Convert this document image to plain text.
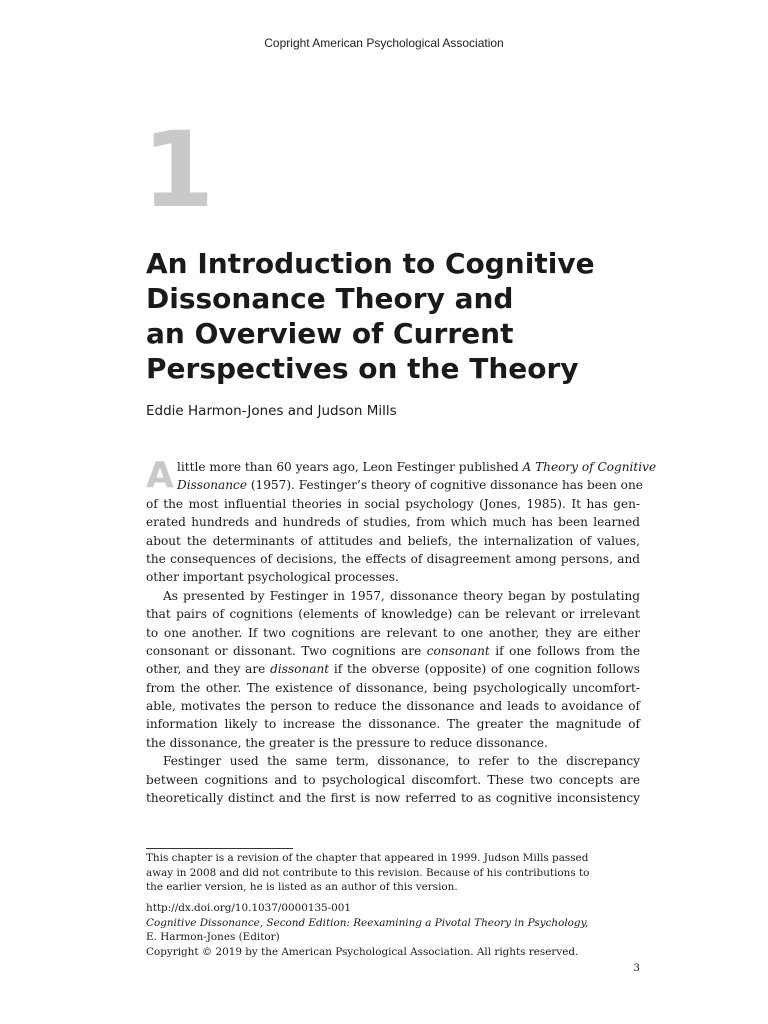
Copright American Psychological Association
1
An Introduction to Cognitive
Dissonance Theory and
an Overview of Current
Perspectives on the Theory
Eddie Harmon-Jones and Judson Mills
A little more than 60 years ago, Leon Festinger published A Theory of Cognitive
Dissonance (1957). Festinger’s theory of cognitive dissonance has been one
of the most influential theories in social psychology (Jones, 1985). It has gen-
erated hundreds and hundreds of studies, from which much has been learned
about the determinants of attitudes and beliefs, the internalization of values,
the consequences of decisions, the effects of disagreement among persons, and
other important psychological processes.
As presented by Festinger in 1957, dissonance theory began by postulating
that pairs of cognitions (elements of knowledge) can be relevant or irrelevant
to one another. If two cognitions are relevant to one another, they are either
consonant or dissonant. Two cognitions are consonant if one follows from the
other, and they are dissonant if the obverse (opposite) of one cognition follows
from the other. The existence of dissonance, being psychologically uncomfort-
able, motivates the person to reduce the dissonance and leads to avoidance of
information likely to increase the dissonance. The greater the magnitude of
the dissonance, the greater is the pressure to reduce dissonance.
Festinger used the same term, dissonance, to refer to the discrepancy
between cognitions and to psychological discomfort. These two concepts are
theoretically distinct and the first is now referred to as cognitive inconsistency
This chapter is a revision of the chapter that appeared in 1999. Judson Mills passed
away in 2008 and did not contribute to this revision. Because of his contributions to
the earlier version, he is listed as an author of this version.
http://dx.doi.org/10.1037/0000135-001
Cognitive Dissonance, Second Edition: Reexamining a Pivotal Theory in Psychology,
E. Harmon-Jones (Editor)
Copyright © 2019 by the American Psychological Association. All rights reserved.
3
